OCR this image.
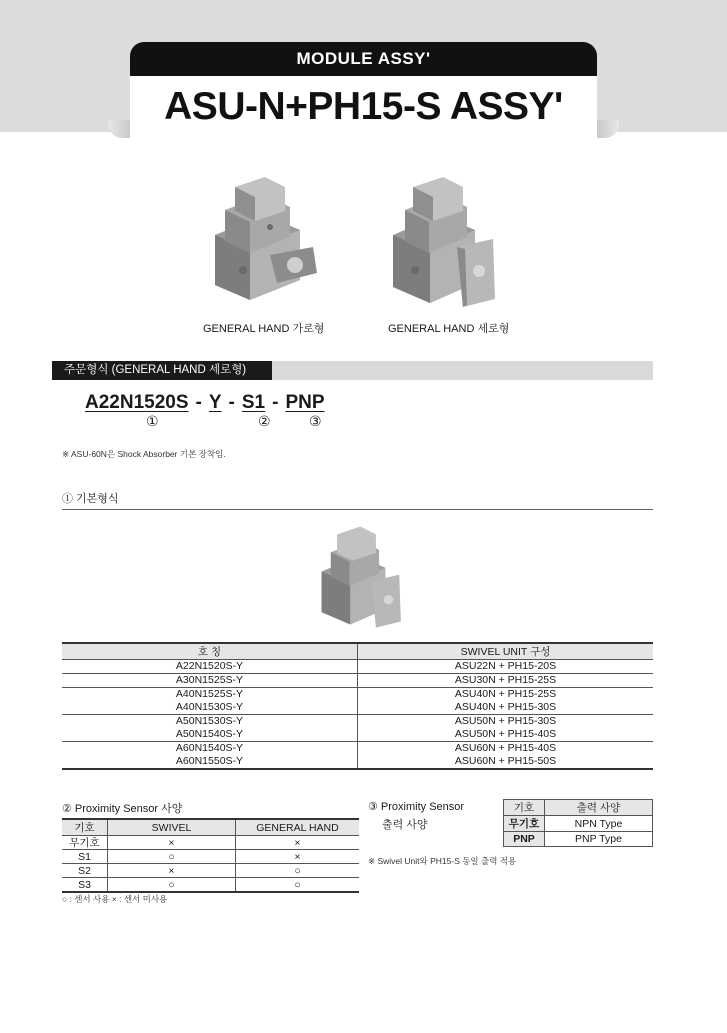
MODULE ASSY'
ASU-N+PH15-S ASSY'
GENERAL HAND 가로형	GENERAL HAND 세로형
주문형식 (GENERAL HAND 세로형)
A22N1520S - Y - S1 - PNP
①	②	③
※ ASU-60N은 Shock Absorber 기본 장착임.
① 기본형식
호 칭	SWIVEL UNIT 구성
A22N1520S-Y	ASU22N + PH15-20S
A30N1525S-Y	ASU30N + PH15-25S
A40N1525S-Y	ASU40N + PH15-25S
A40N1530S-Y	ASU40N + PH15-30S
A50N1530S-Y	ASU50N + PH15-30S
A50N1540S-Y	ASU50N + PH15-40S
A60N1540S-Y	ASU60N + PH15-40S
A60N1550S-Y	ASU60N + PH15-50S
② Proximity Sensor 사양
기호	SWIVEL	GENERAL HAND
무기호	×	×
S1	○	×
S2	×	○
S3	○	○
○ : 센서 사용 × : 센서 미사용
③ Proximity Sensor
출력 사양
기호	출력 사양
무기호	NPN Type
PNP	PNP Type
※ Swivel Unit와 PH15-S 동일 출력 적용
